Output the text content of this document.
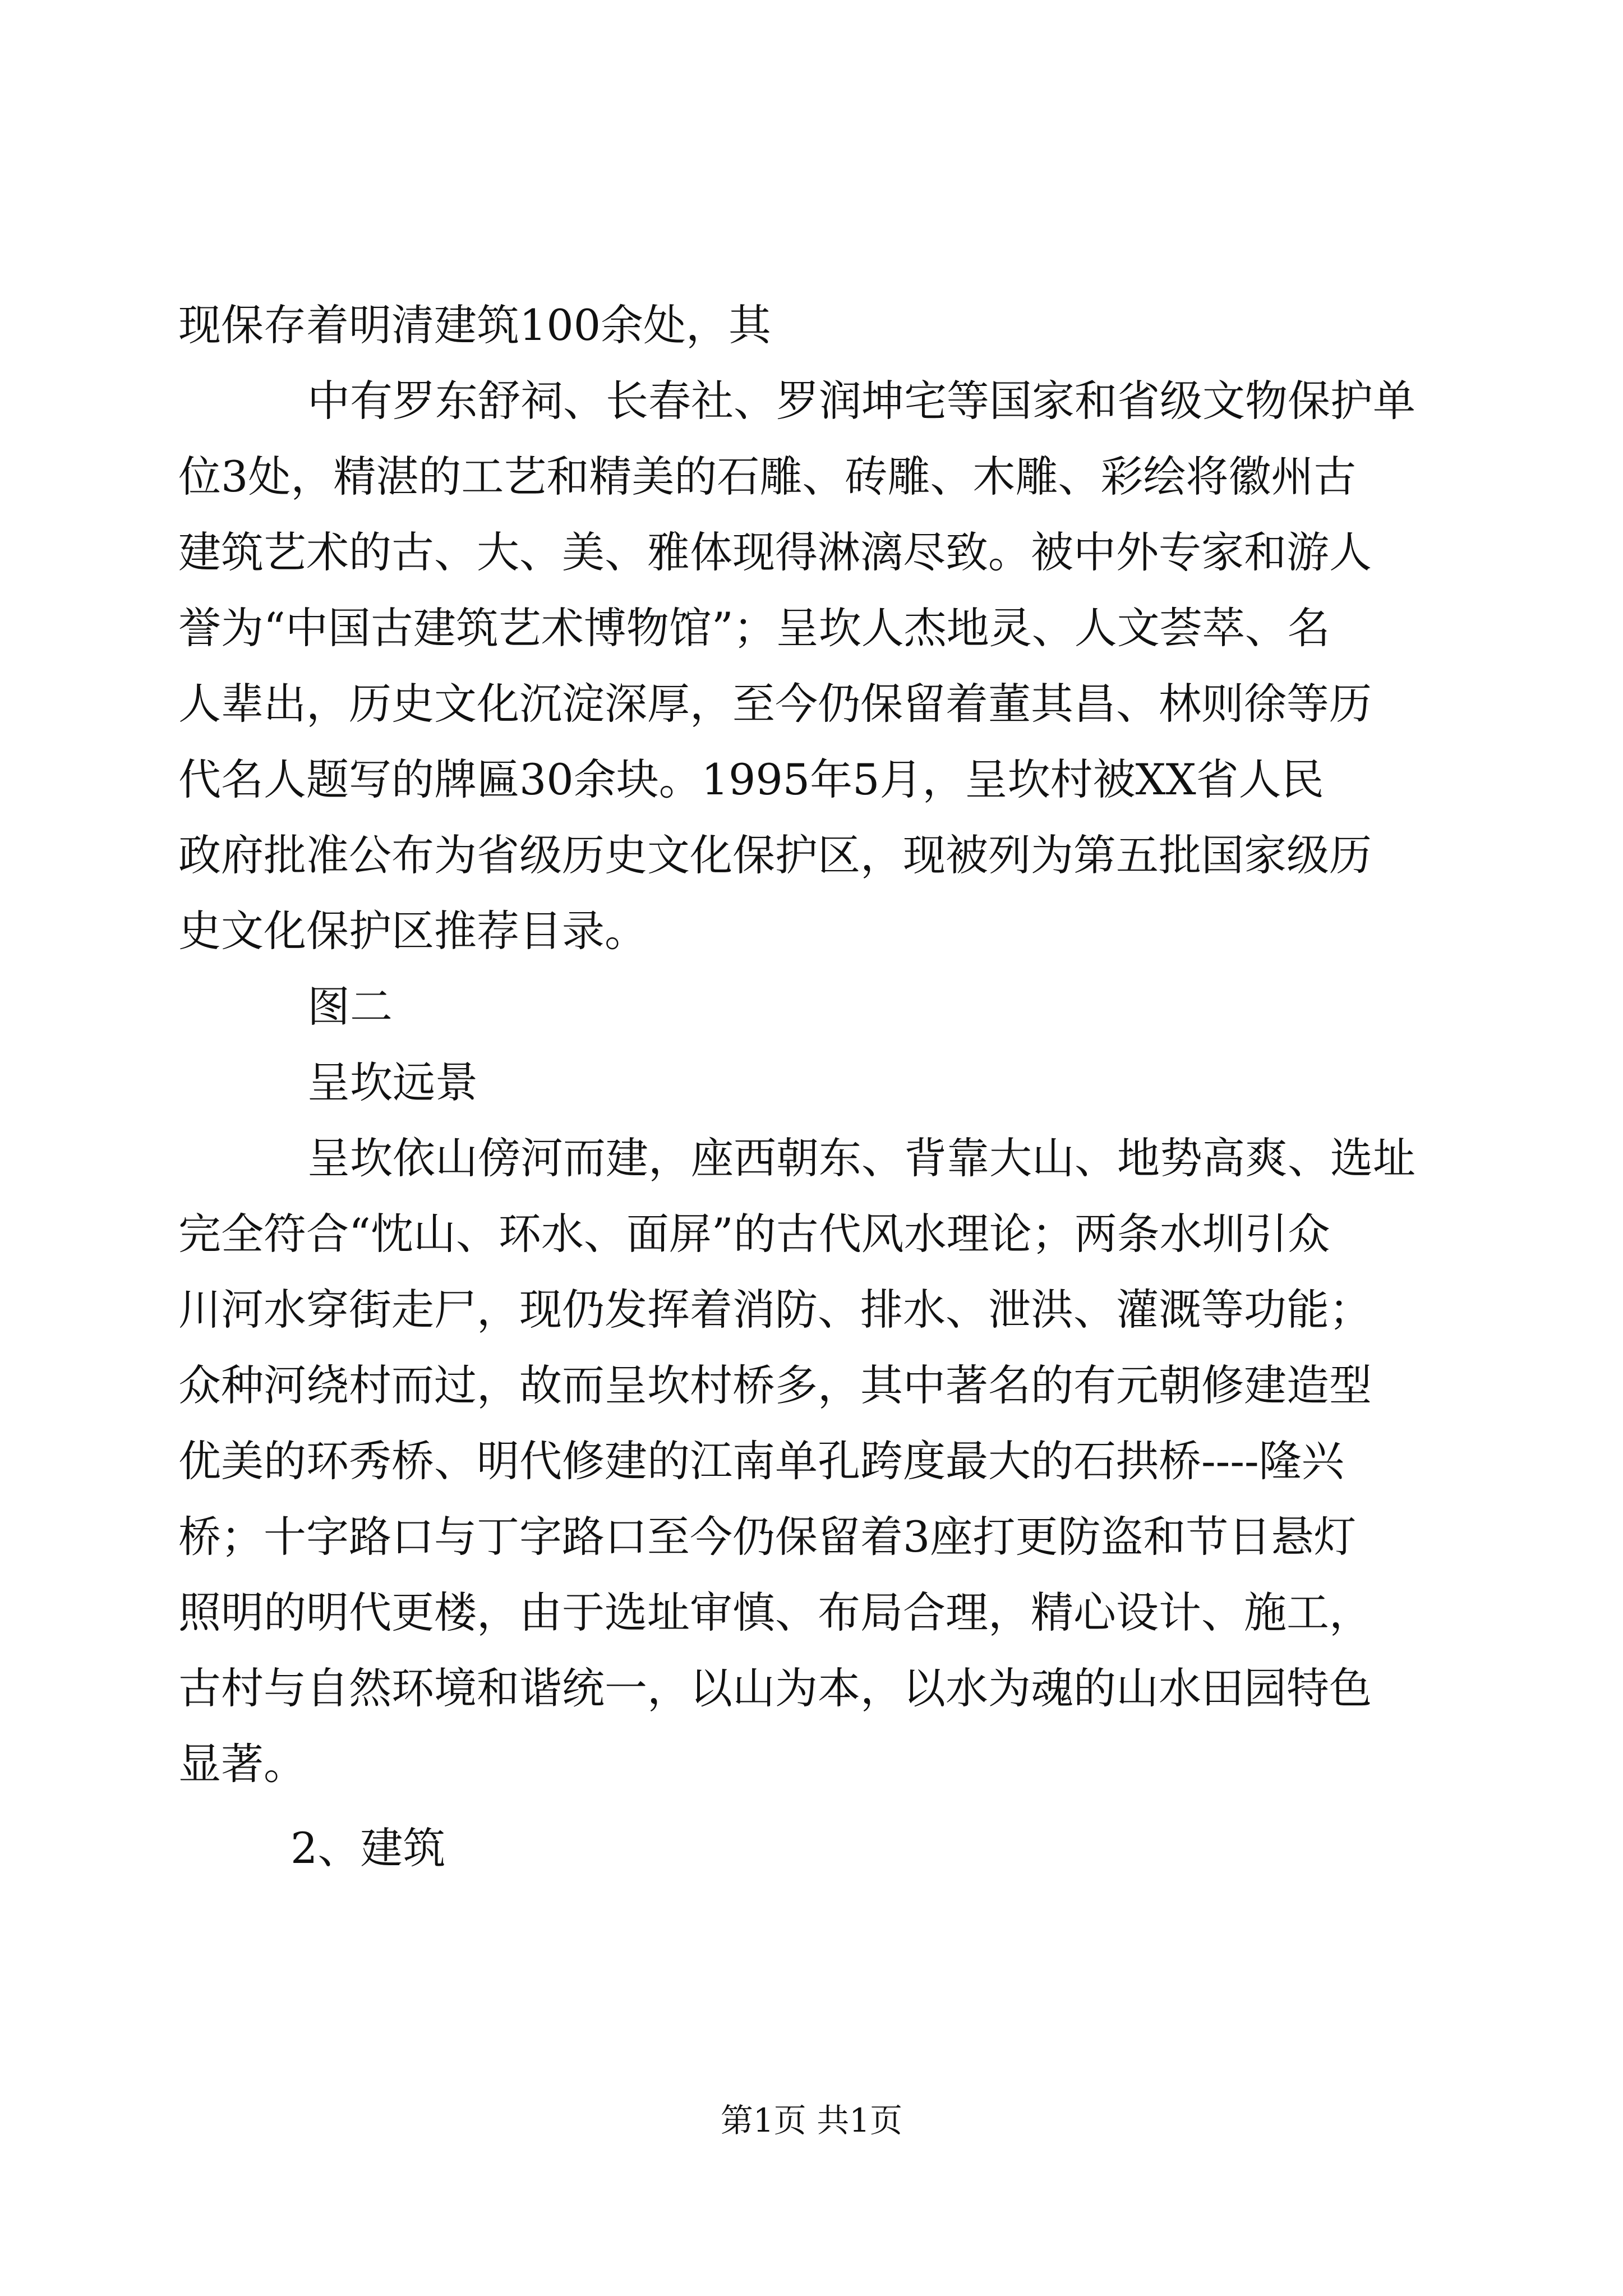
现保存着明清建筑100余处，其
中有罗东舒祠、长春社、罗润坤宅等国家和省级文物保护单
位3处，精湛的工艺和精美的石雕、砖雕、木雕、彩绘将徽州古
建筑艺术的古、大、美、雅体现得淋漓尽致。被中外专家和游人
誉为“中国古建筑艺术博物馆”；呈坎人杰地灵、人文荟萃、名
人辈出，历史文化沉淀深厚，至今仍保留着董其昌、林则徐等历
代名人题写的牌匾30余块。1995年5月，呈坎村被XX省人民
政府批准公布为省级历史文化保护区，现被列为第五批国家级历
史文化保护区推荐目录。
图二
呈坎远景
呈坎依山傍河而建，座西朝东、背靠大山、地势高爽、选址
完全符合“忱山、环水、面屏”的古代风水理论；两条水圳引众
川河水穿街走尸，现仍发挥着消防、排水、泄洪、灌溉等功能；
众种河绕村而过，故而呈坎村桥多，其中著名的有元朝修建造型
优美的环秀桥、明代修建的江南单孔跨度最大的石拱桥----隆兴
桥；十字路口与丁字路口至今仍保留着3座打更防盗和节日悬灯
照明的明代更楼，由于选址审慎、布局合理，精心设计、施工，
古村与自然环境和谐统一，以山为本，以水为魂的山水田园特色
显著。
2、建筑
第1页 共1页
